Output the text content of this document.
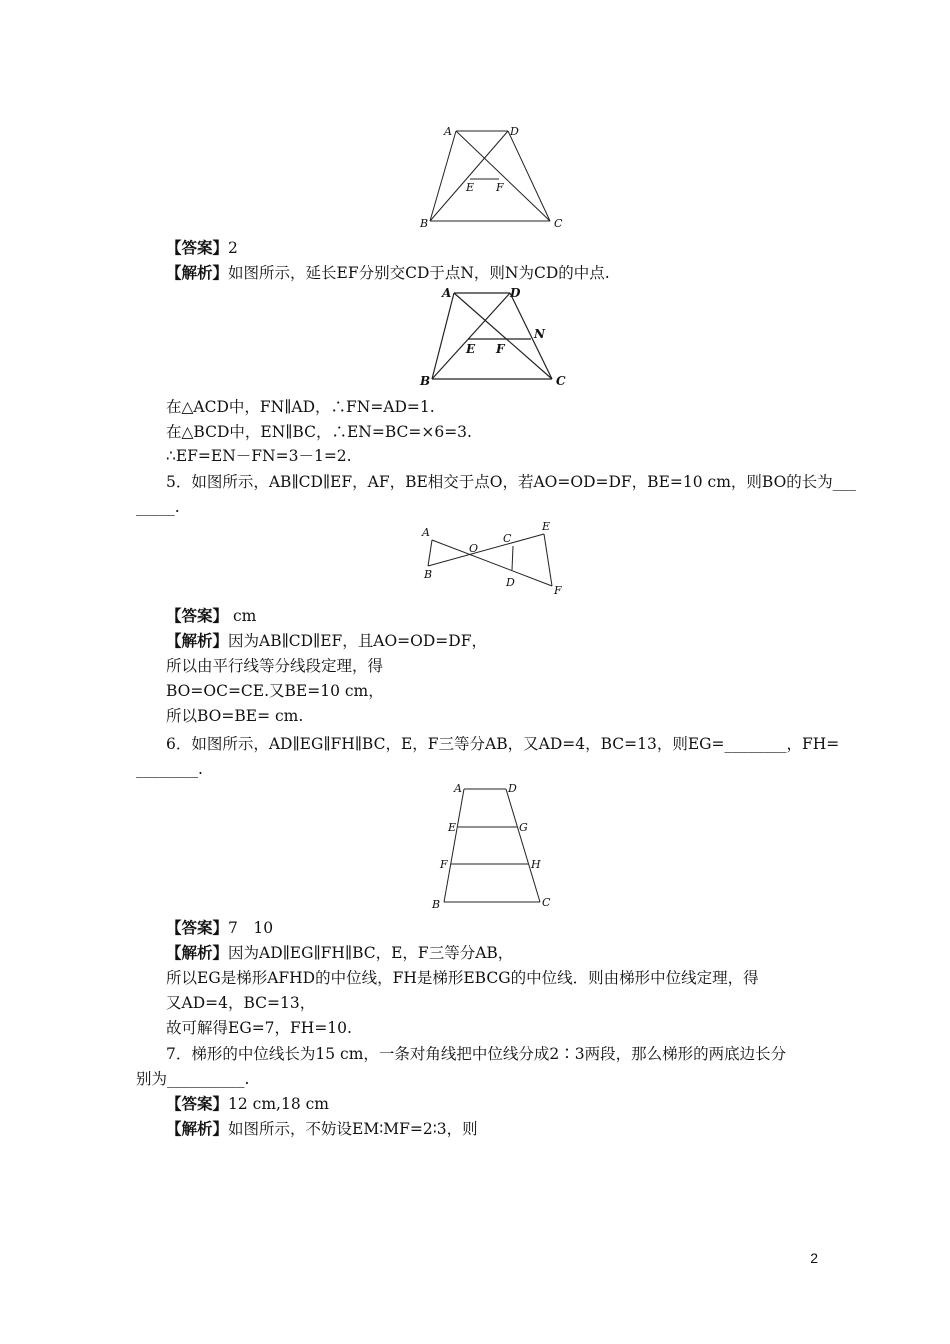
A	D
E F
B	C
【答案】2
【解析】如图所示，延长EF分别交CD于点N，则N为CD的中点.
A	D
N
E F
B	C
在△ACD中，FN∥AD，∴FN=AD=1.
在△BCD中，EN∥BC，∴EN=BC=×6=3.
∴EF=EN－FN=3－1=2.
5．如图所示，AB∥CD∥EF，AF，BE相交于点O，若AO=OD=DF，BE=10 cm，则BO的长为___
_____.
A
O
C
E
B
D
F
【答案】 cm
【解析】因为AB∥CD∥EF，且AO=OD=DF，
所以由平行线等分线段定理，得
BO=OC=CE.又BE=10 cm，
所以BO=BE= cm.
6．如图所示，AD∥EG∥FH∥BC，E，F三等分AB，又AD=4，BC=13，则EG=________，FH=
________.
A	D
E	G
F	H
B	C
【答案】7　10
【解析】因为AD∥EG∥FH∥BC，E，F三等分AB，
所以EG是梯形AFHD的中位线，FH是梯形EBCG的中位线．则由梯形中位线定理，得
又AD=4，BC=13，
故可解得EG=7，FH=10.
7．梯形的中位线长为15 cm，一条对角线把中位线分成2∶3两段，那么梯形的两底边长分
别为__________.
【答案】12 cm,18 cm
【解析】如图所示，不妨设EM∶MF=2∶3，则
2
